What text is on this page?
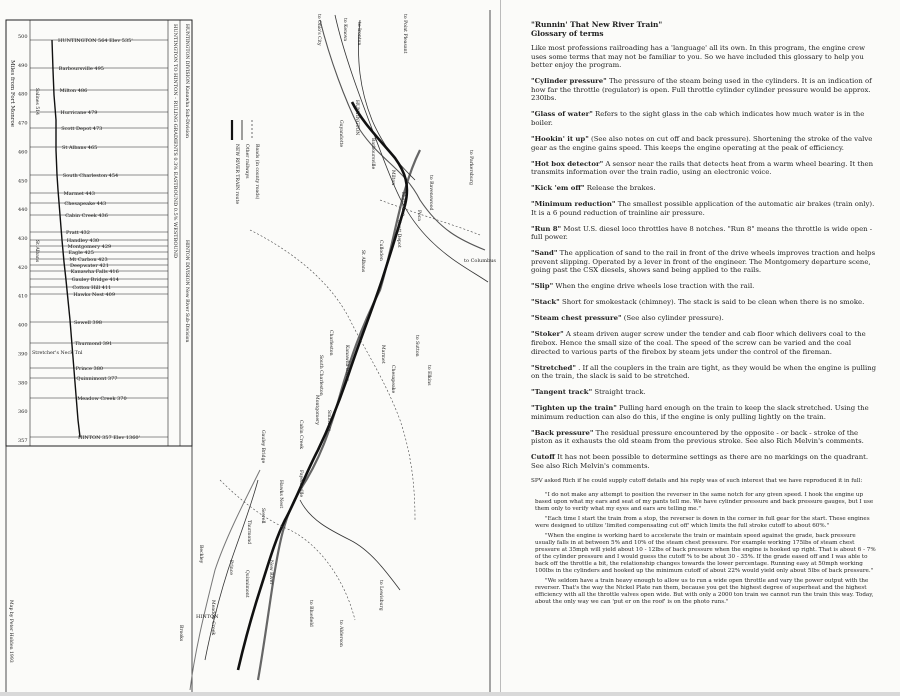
500
490
480
470
460
450
440
430
420
410
400
390
380
360
357
HUNTINGTON 564 Elev 535'
Barboursville 495
Milton 486
Hurricane 479
Scott Depot 473
St Albans 465
South Charleston 454
Marmet 443
Chesapeake 443
Cabin Creek 436
Pratt 432
Handley 430
Montgomery 429
Eagle 425
Mt Carbon 423
Deepwater 421
Kanawha Falls 416
Gauley Bridge 414
Cotton Hill 411
Hawks Nest 409
Sewell 398
Thurmond 391
Prince 380
Quinnimont 377
Meadow Creek 370
HINTON 357 Elev 1360'
Miles from Fort Monroe	HUNTINGTON TO HINTON - RULING GRADIENTS 0.3% EASTBOUND 0.5% WESTBOUND HUNTINGTON DIVISION Kanawha Sub-Division
HINTON DIVISION New River Sub-Division
Salines 514
St Albans
Stretcher's Neck Tnl
NEW RIVER TRAIN route Other railways Roads (in county roads)
to Ohio's City	to Kenova to Ironton	to Point Pleasant
HUNTINGTON
Barboursville	to Parkersburg
to Ravenswood
Guyandotte
Milton
Hurricane
Scott Depot
Culloden
St Albans
Poca
to Columbus
Charleston
Kanawha River
South Charleston
Marmet
Chesapeake
to Sutton
to Elkins
Montgomery Smithers
Cabin Creek
Gauley Bridge
Hawks Nest	Fayetteville
Thurmond
Sewell
Prince
Quinnimont
Beckley
Meadow Creek
HINTON
Brooks
to Bluefield
to Alderson
New River
to Lewisburg
Map by Peter Holden 1993

"Runnin' That New River Train"
Glossary of terms

Like most professions railroading has a 'language' all its own. In this program, the engine crew uses some terms that may not be familiar to you. So we have included this glossary to help you better enjoy the program.

"Cylinder pressure" The pressure of the steam being used in the cylinders. It is an indication of how far the throttle (regulator) is open. Full throttle cylinder cylinder pressure would be approx. 230lbs.

"Glass of water" Refers to the sight glass in the cab which indicates how much water is in the boiler.

"Hookin' it up" (See also notes on cut off and back pressure). Shortening the stroke of the valve gear as the engine gains speed. This keeps the engine operating at the peak of efficiency.

"Hot box detector" A sensor near the rails that detects heat from a warm wheel bearing. It then transmits information over the train radio, using an electronic voice.

"Kick 'em off" Release the brakes.

"Minimum reduction" The smallest possible application of the automatic air brakes (train only). It is a 6 pound reduction of trainline air pressure.

"Run 8" Most U.S. diesel loco throttles have 8 notches. "Run 8" means the throttle is wide open - full power.

"Sand" The application of sand to the rail in front of the drive wheels improves traction and helps prevent slipping. Operated by a lever in front of the engineer. The Montgomery departure scene, going past the CSX diesels, shows sand being applied to the rails.

"Slip" When the engine drive wheels lose traction with the rail.

"Stack" Short for smokestack (chimney). The stack is said to be clean when there is no smoke.

"Steam chest pressure" (See also cylinder pressure).

"Stoker" A steam driven auger screw under the tender and cab floor which delivers coal to the firebox. Hence the small size of the coal. The speed of the screw can be varied and the coal directed to various parts of the firebox by steam jets under the control of the fireman.

"Stretched" . If all the couplers in the train are tight, as they would be when the engine is pulling on the train, the slack is said to be stretched.

"Tangent track" Straight track.

"Tighten up the train" Pulling hard enough on the train to keep the slack stretched. Using the minimum reduction can also do this, if the engine is only pulling lightly on the train.

"Back pressure" The residual pressure encountered by the opposite - or back - stroke of the piston as it exhausts the old steam from the previous stroke. See also Rich Melvin's comments.

Cutoff It has not been possible to determine settings as there are no markings on the quadrant. See also Rich Melvin's comments.

SPV asked Rich if he could supply cutoff details and his reply was of such interest that we have reproduced it in full:

"I do not make any attempt to position the reverser in the same notch for any given speed. I hook the engine up based upon what my ears and seat of my pants tell me. We have cylinder pressure and back pressure gauges, but I use them only to verify what my eyes and ears are telling me."

"Each time I start the train from a stop, the reverser is down in the corner in full gear for the start. These engines were designed to utilize 'limited compensating cut off' which limits the full stroke cutoff to about 60%."

"When the engine is working hard to accelerate the train or maintain speed against the grade, back pressure usually falls in at between 5% and 10% of the steam chest pressure. For example working 175lbs of steam chest pressure at 35mph will yield about 10 - 12lbs of back pressure when the engine is hooked up right. That is about 6 - 7% of the cylinder pressure and I would guess the cutoff % to be about 30 - 35%. If the grade eased off and I was able to back off the throttle a bit, the relationship changes towards the lower percentage. Running easy at 50mph working 100lbs in the cylinders and hooked up the minimum cutoff of about 22% would yield only about 5lbs of back pressure."

"We seldom have a train heavy enough to allow us to run a wide open throttle and vary the power output with the reverser. That's the way the Nickel Plate ran them, because you get the highest degree of superheat and the highest efficiency with all the throttle valves open wide. But with only a 2000 ton train we cannot run the train this way. Today, about the only way we can 'put er on the roof' is on the photo runs."
